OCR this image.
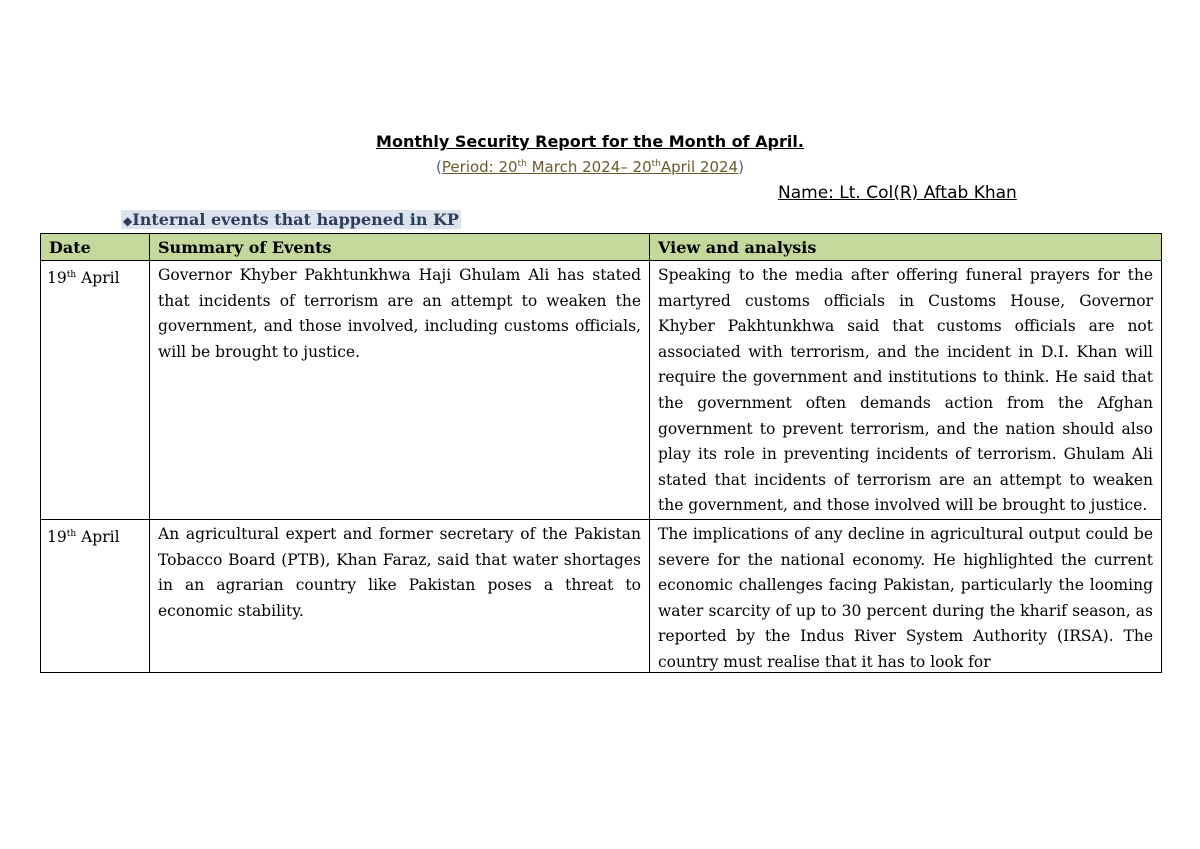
Monthly Security Report for the Month of April.
(Period: 20th March 2024– 20thApril 2024)
Name: Lt. Col(R) Aftab Khan
◆Internal events that happened in KP
Date	Summary of Events	View and analysis
19th April	Governor Khyber Pakhtunkhwa Haji Ghulam Ali has stated that incidents of terrorism are an attempt to weaken the government, and those involved, including customs officials, will be brought to justice.	Speaking to the media after offering funeral prayers for the martyred customs officials in Customs House, Governor Khyber Pakhtunkhwa said that customs officials are not associated with terrorism, and the incident in D.I. Khan will require the government and institutions to think. He said that the government often demands action from the Afghan government to prevent terrorism, and the nation should also play its role in preventing incidents of terrorism. Ghulam Ali stated that incidents of terrorism are an attempt to weaken the government, and those involved will be brought to justice.
19th April	An agricultural expert and former secretary of the Pakistan Tobacco Board (PTB), Khan Faraz, said that water shortages in an agrarian country like Pakistan poses a threat to economic stability.	The implications of any decline in agricultural output could be severe for the national economy. He highlighted the current economic challenges facing Pakistan, particularly the looming water scarcity of up to 30 percent during the kharif season, as reported by the Indus River System Authority (IRSA). The country must realise that it has to look for
